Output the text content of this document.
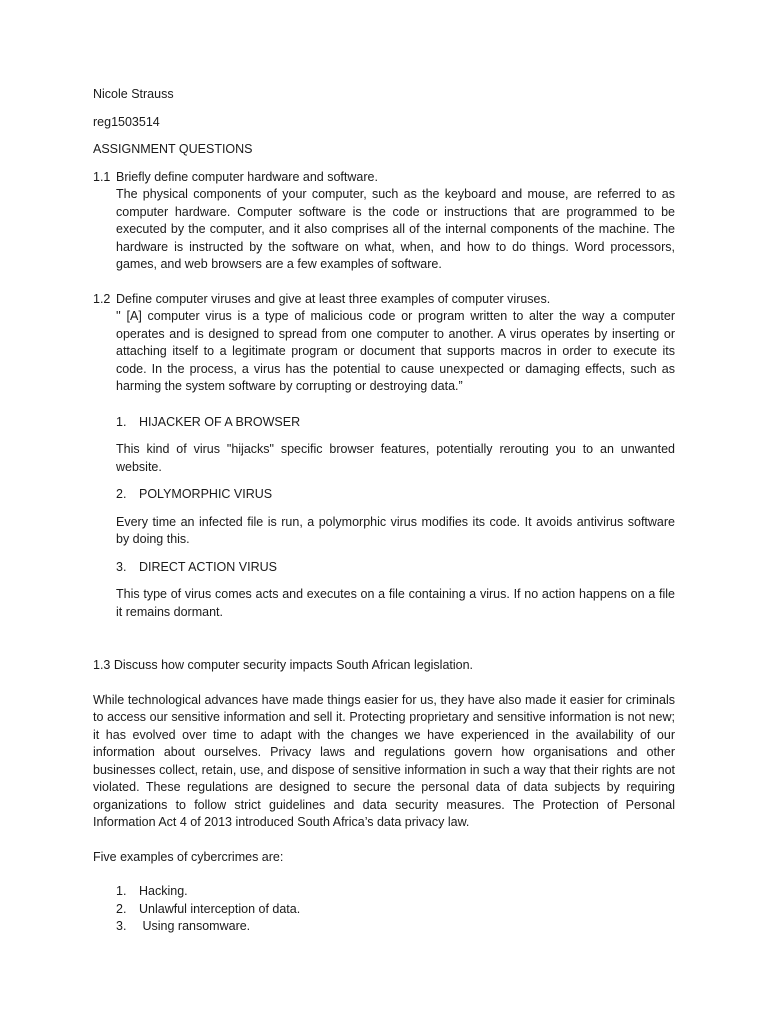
Nicole Strauss

reg1503514

ASSIGNMENT QUESTIONS

1.1 Briefly define computer hardware and software.

The physical components of your computer, such as the keyboard and mouse, are referred to as computer hardware. Computer software is the code or instructions that are programmed to be executed by the computer, and it also comprises all of the internal components of the machine. The hardware is instructed by the software on what, when, and how to do things. Word processors, games, and web browsers are a few examples of software.

1.2 Define computer viruses and give at least three examples of computer viruses.

'' [A] computer virus is a type of malicious code or program written to alter the way a computer operates and is designed to spread from one computer to another. A virus operates by inserting or attaching itself to a legitimate program or document that supports macros in order to execute its code. In the process, a virus has the potential to cause unexpected or damaging effects, such as harming the system software by corrupting or destroying data.”

1.	HIJACKER OF A BROWSER

This kind of virus "hijacks" specific browser features, potentially rerouting you to an unwanted website.

2.	POLYMORPHIC VIRUS

Every time an infected file is run, a polymorphic virus modifies its code. It avoids antivirus software by doing this.

3.	DIRECT ACTION VIRUS

This type of virus comes acts and executes on a file containing a virus. If no action happens on a file it remains dormant.

1.3 Discuss how computer security impacts South African legislation.

While technological advances have made things easier for us, they have also made it easier for criminals to access our sensitive information and sell it. Protecting proprietary and sensitive information is not new; it has evolved over time to adapt with the changes we have experienced in the availability of our information about ourselves. Privacy laws and regulations govern how organisations and other businesses collect, retain, use, and dispose of sensitive information in such a way that their rights are not violated. These regulations are designed to secure the personal data of data subjects by requiring organizations to follow strict guidelines and data security measures. The Protection of Personal Information Act 4 of 2013 introduced South Africa’s data privacy law.

Five examples of cybercrimes are:

1.	Hacking.
2.	Unlawful interception of data.
3.	Using ransomware.
